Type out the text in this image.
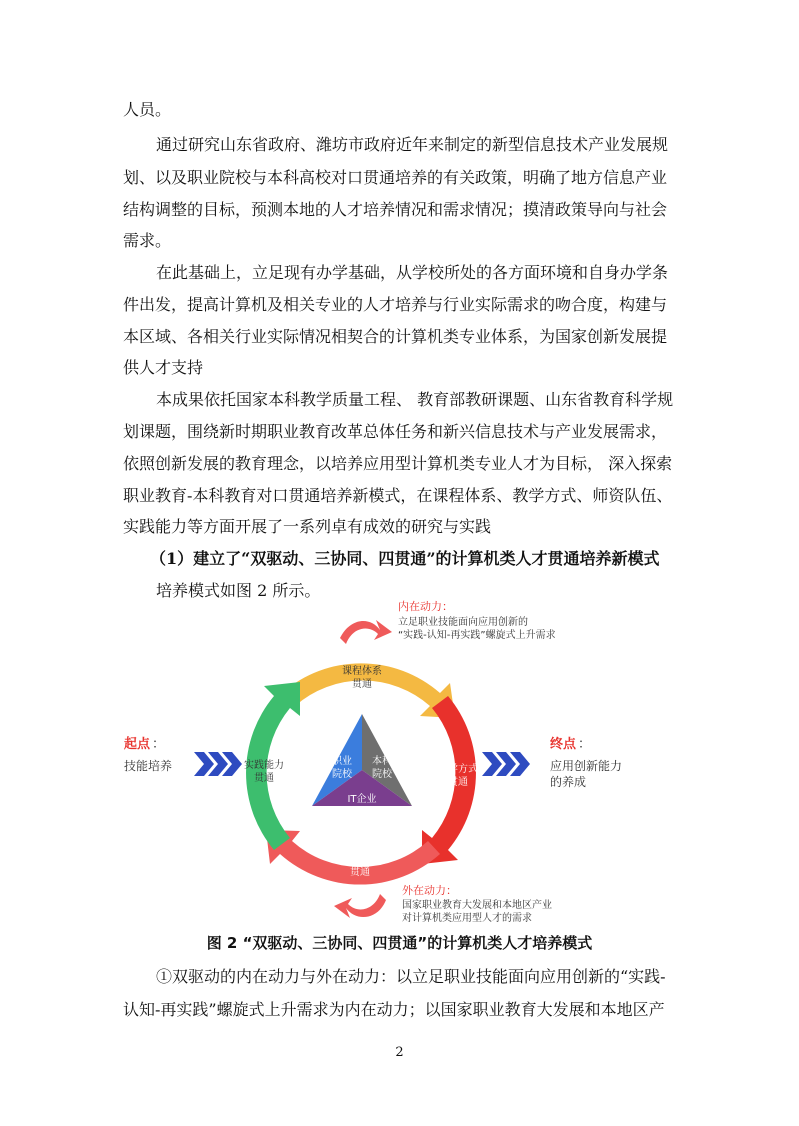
人员。
通过研究山东省政府、潍坊市政府近年来制定的新型信息技术产业发展规
划、以及职业院校与本科高校对口贯通培养的有关政策，明确了地方信息产业
结构调整的目标，预测本地的人才培养情况和需求情况；摸清政策导向与社会
需求。
在此基础上，立足现有办学基础，从学校所处的各方面环境和自身办学条
件出发，提高计算机及相关专业的人才培养与行业实际需求的吻合度，构建与
本区域、各相关行业实际情况相契合的计算机类专业体系，为国家创新发展提
供人才支持
本成果依托国家本科教学质量工程、 教育部教研课题、山东省教育科学规
划课题，围绕新时期职业教育改革总体任务和新兴信息技术与产业发展需求，
依照创新发展的教育理念，以培养应用型计算机类专业人才为目标， 深入探索
职业教育-本科教育对口贯通培养新模式，在课程体系、教学方式、师资队伍、
实践能力等方面开展了一系列卓有成效的研究与实践
（1）建立了“双驱动、三协同、四贯通”的计算机类人才贯通培养新模式
培养模式如图 2 所示。
内在动力：
立足职业技能面向应用创新的
“实践-认知-再实践”螺旋式上升需求
课程体系
贯通
实践能力
贯通
教学方式
贯通
师资队伍
贯通
职业
院校
本科
院校
IT企业
起点 ：
技能培养
终点 ：
应用创新能力
的养成
外在动力：
国家职业教育大发展和本地区产业
对计算机类应用型人才的需求
图 2 “双驱动、三协同、四贯通”的计算机类人才培养模式
①双驱动的内在动力与外在动力：以立足职业技能面向应用创新的“实践-
认知-再实践”螺旋式上升需求为内在动力；以国家职业教育大发展和本地区产
2
